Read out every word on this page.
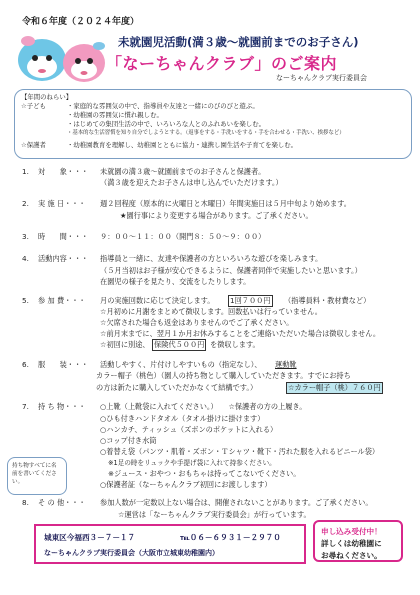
令和６年度（２０２４年度）
未就園児活動(満３歳～就園前までのお子さん)
「なーちゃんクラブ」のご案内
なーちゃんクラブ実行委員会
【年間のねらい】
☆子ども	・家庭的な雰囲気の中で、指導員や友達と一緒にのびのびと遊ぶ。
・幼稚園の雰囲気に慣れ親しむ。
・はじめての集団生活の中で、いろいろな人とのふれあいを楽しむ。
・基本的な生活習慣を知り自分でしようとする。（返事をする・手洗いをする・手を合わせる・手洗い、挨拶など）
☆保護者	・幼稚園教育を理解し、幼稚園とともに協力・連携し園生活や子育てを楽しむ。
1. 対　　象・・・ 未就園の満３歳～就園前までのお子さんと保護者。
（満３歳を迎えたお子さんは申し込んでいただけます。）
2. 実 施 日・・・ 週２回程度（原本的に火曜日と木曜日）年間実施日は５月中旬より始めます。
★園行事により変更する場合があります。ご了承ください。
3. 時　　間・・・ ９：００～１１：００（開門８：５０～９：００）
4. 活動内容・・・ 指導員と一緒に、友達や保護者の方といろいろな遊びを楽しみます。
（５月当初はお子様が安心できるように、保護者同伴で実施したいと思います。）
在園児の様子を見たり、交流をしたりします。
5. 参 加 費・・・ 月の実施回数に応じて決定します。 1回７００円 （指導員料・教材費など）
☆月初めに月謝をまとめて徴収します。回数払いは行っていません。
☆欠席された場合も返金はありませんのでご了承ください。
☆前月末までに、翌月１か月お休みすることをご連絡いただいた場合は徴収しません。
☆初回に別途、 保険代５００円 を徴収します。
6. 服　　装・・・ 活動しやすく、片付けしやすいもの（指定なし）、 運動靴
カラー帽子（桃色）（園人の持ち物として購入していただきます。すでにお持ち
の方は新たに購入していただかなくて結構です。）	☆カラー帽子（桃）７６０円
7. 持 ち 物・・・ ○上靴（上靴袋に入れてください。）　　☆保護者の方の上履き。
○ひも付きハンドタオル（タオル掛けに掛けます）
○ハンカチ、ティッシュ（ズボンのポケットに入れる）
○コップ付き水筒
○着替え袋（パンツ・肌着・ズボン・Ｔシャツ・靴下・汚れた服を入れるビニール袋）
※1足の時をリュックや手提げ袋に入れて持参ください。
※ジュース・おやつ・おもちゃは持ってこないでください。
○保護者証（なーちゃんクラブ初回にお渡しします）
持ち物すべてに名前を書いてください。
8. そ の 他・・・ 参加人数が一定数以上ない場合は、開催されないことがあります。ご了承ください。
☆運営は「なーちゃんクラブ実行委員会」が行っています。
城東区今福西３－７－１７	℡０６－６９３１－２９７０
なーちゃんクラブ実行委員会（大阪市立城東幼稚園内）
申し込み受付中！
詳しくは幼稚園に
お尋ねください。
